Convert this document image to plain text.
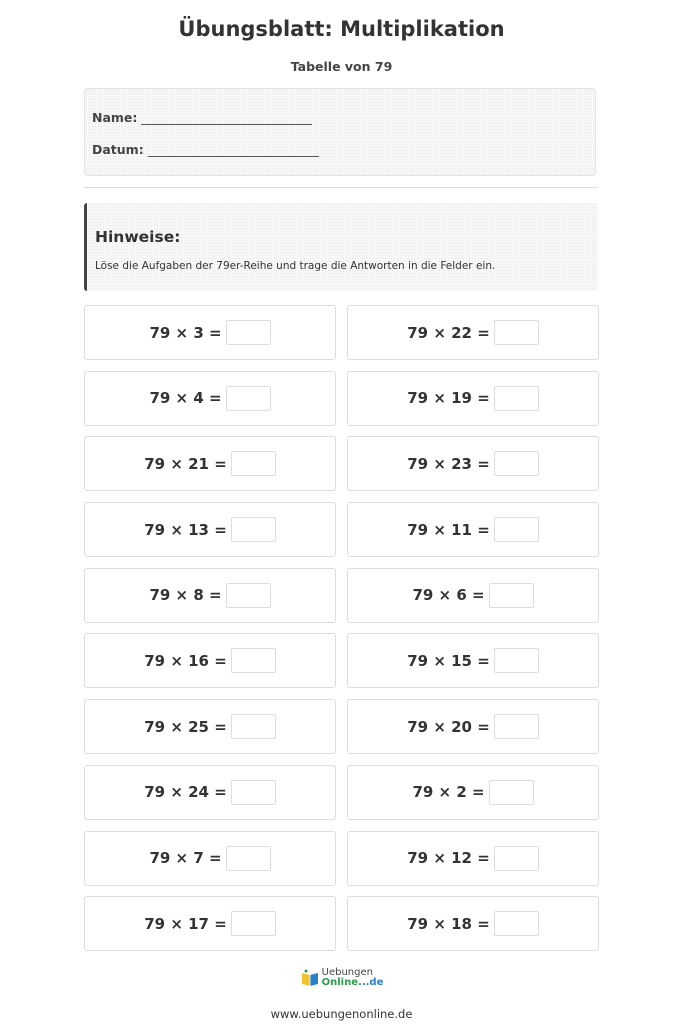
Übungsblatt: Multiplikation
Tabelle von 79
Name:
Datum:
Hinweise:
Löse die Aufgaben der 79er-Reihe und trage die Antworten in die Felder ein.
79 × 3 =	79 × 22 =
79 × 4 =	79 × 19 =
79 × 21 =	79 × 23 =
79 × 13 =	79 × 11 =
79 × 8 =	79 × 6 =
79 × 16 =	79 × 15 =
79 × 25 =	79 × 20 =
79 × 24 =	79 × 2 =
79 × 7 =	79 × 12 =
79 × 17 =	79 × 18 =
Uebungen
Online...de
www.uebungenonline.de
